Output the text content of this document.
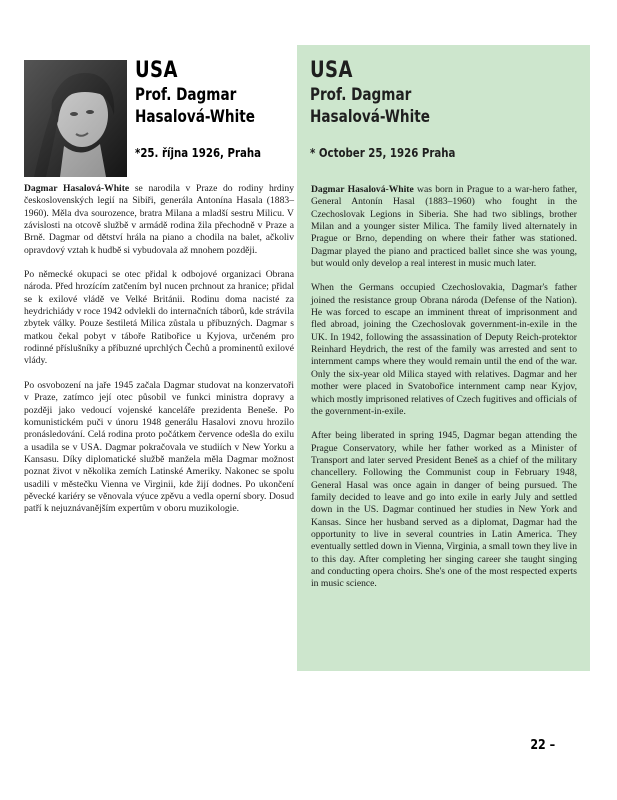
USA
Prof. Dagmar
Hasalová-White
*25. října 1926, Praha

Dagmar Hasalová-White se narodila v Praze do rodiny hrdiny československých legií na Sibiři, generála Antonína Hasala (1883–1960). Měla dva sourozence, bratra Milana a mladší sestru Milicu. V závislosti na otcově službě v armádě rodina žila přechodně v Praze a Brně. Dagmar od dětství hrála na piano a chodila na balet, ačkoliv opravdový vztah k hudbě si vybudovala až mnohem později.

Po německé okupaci se otec přidal k odbojové organizaci Obrana národa. Před hrozícím zatčením byl nucen prchnout za hranice; přidal se k exilové vládě ve Velké Británii. Rodinu doma nacisté za heydrichiády v roce 1942 odvlekli do internačních táborů, kde strávila zbytek války. Pouze šestiletá Milica zůstala u příbuzných. Dagmar s matkou čekal pobyt v táboře Ratibořice u Kyjova, určeném pro rodinné příslušníky a příbuzné uprchlých Čechů a prominentů exilové vlády.

Po osvobození na jaře 1945 začala Dagmar studovat na konzervatoři v Praze, zatímco její otec působil ve funkci ministra dopravy a později jako vedoucí vojenské kanceláře prezidenta Beneše. Po komunistickém puči v únoru 1948 generálu Hasalovi znovu hrozilo pronásledování. Celá rodina proto počátkem července odešla do exilu a usadila se v USA. Dagmar pokračovala ve studiích v New Yorku a Kansasu. Díky diplomatické službě manžela měla Dagmar možnost poznat život v několika zemích Latinské Ameriky. Nakonec se spolu usadili v městečku Vienna ve Virginii, kde žijí dodnes. Po ukončení pěvecké kariéry se věnovala výuce zpěvu a vedla operní sbory. Dosud patří k nejuznávanějším expertům v oboru muzikologie.

USA
Prof. Dagmar
Hasalová-White
* October 25, 1926 Praha

Dagmar Hasalová-White was born in Prague to a war-hero father, General Antonín Hasal (1883–1960) who fought in the Czechoslovak Legions in Siberia. She had two siblings, brother Milan and a younger sister Milica. The family lived alternately in Prague or Brno, depending on where their father was stationed. Dagmar played the piano and practiced ballet since she was young, but would only develop a real interest in music much later.

When the Germans occupied Czechoslovakia, Dagmar's father joined the resistance group Obrana národa (Defense of the Nation). He was forced to escape an imminent threat of imprisonment and fled abroad, joining the Czechoslovak government-in-exile in the UK. In 1942, following the assassination of Deputy Reich-protektor Reinhard Heydrich, the rest of the family was arrested and sent to internment camps where they would remain until the end of the war. Only the six-year old Milica stayed with relatives. Dagmar and her mother were placed in Svatobořice internment camp near Kyjov, which mostly imprisoned relatives of Czech fugitives and officials of the government-in-exile.

After being liberated in spring 1945, Dagmar began attending the Prague Conservatory, while her father worked as a Minister of Transport and later served President Beneš as a chief of the military chancellery. Following the Communist coup in February 1948, General Hasal was once again in danger of being pursued. The family decided to leave and go into exile in early July and settled down in the US. Dagmar continued her studies in New York and Kansas. Since her husband served as a diplomat, Dagmar had the opportunity to live in several countries in Latin America. They eventually settled down in Vienna, Virginia, a small town they live in to this day. After completing her singing career she taught singing and conducting opera choirs. She's one of the most respected experts in music science.

22 –
